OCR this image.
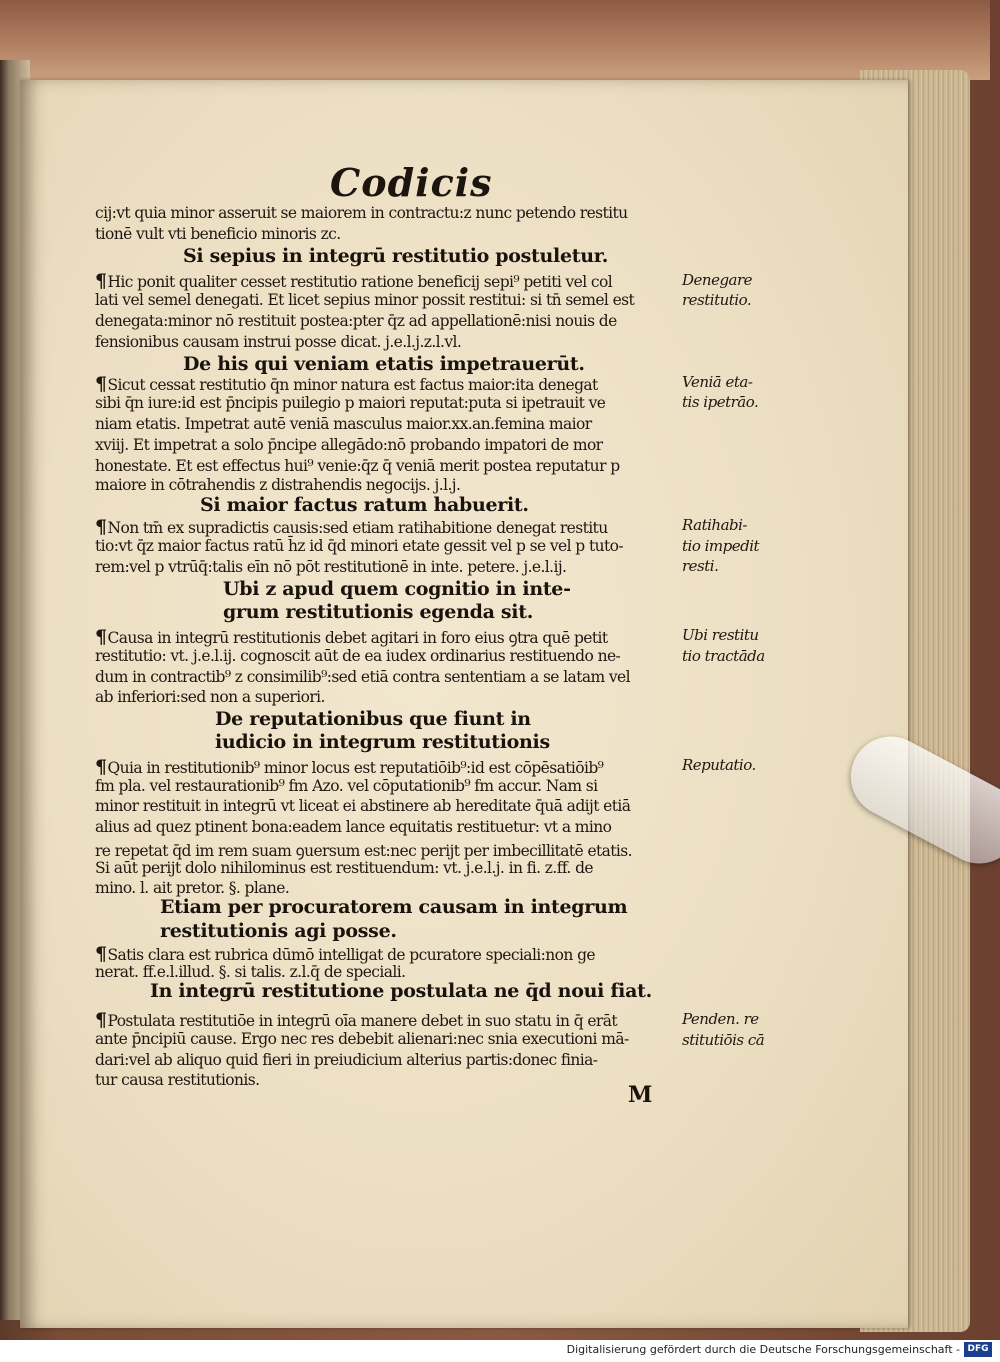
Codicis
cij:vt quia minor asseruit se maiorem in contractu:z nunc petendo restitu
tionē vult vti beneficio minoris zc.
Si sepius in integrū restitutio postuletur.
De his qui veniam etatis impetrauerūt.
Si maior factus ratum habuerit.
Ubi z apud quem cognitio in inte-
grum restitutionis egenda sit.
De reputationibus que fiunt in
iudicio in integrum restitutionis
Etiam per procuratorem causam in integrum
restitutionis agi posse.
In integrū restitutione postulata ne q̄d noui fiat.
¶Hic ponit qualiter cesset restitutio ratione beneficij sepi⁹ petiti vel col
lati vel semel denegati. Et licet sepius minor possit restitui: si tn̄ semel est
denegata:minor nō restituit postea:pter q̄z ad appellationē:nisi nouis de
fensionibus causam instrui posse dicat. j.e.l.j.z.l.vl.
¶Sicut cessat restitutio q̄n minor natura est factus maior:ita denegat
sibi q̄n iure:id est p̄ncipis puilegio p maiori reputat:puta si ipetrauit ve
niam etatis. Impetrat autē veniā masculus maior.xx.an.femina maior
xviij. Et impetrat a solo p̄ncipe allegādo:nō probando impatori de mor
honestate. Et est effectus hui⁹ venie:q̄z q̄ veniā merit postea reputatur p
maiore in cōtrahendis z distrahendis negocijs. j.l.j.
¶Non tm̄ ex supradictis causis:sed etiam ratihabitione denegat restitu
tio:vt q̄z maior factus ratū h̄z id q̄d minori etate gessit vel p se vel p tuto-
rem:vel p vtrūq̄:talis eīn nō pōt restitutionē in inte. petere. j.e.l.ij.
¶Causa in integrū restitutionis debet agitari in foro eius ꝯtra quē petit
restitutio: vt. j.e.l.ij. cognoscit aūt de ea iudex ordinarius restituendo ne-
dum in contractib⁹ z consimilib⁹:sed etiā contra sententiam a se latam vel
ab inferiori:sed non a superiori.
¶Quia in restitutionib⁹ minor locus est reputatiōib⁹:id est cōpēsatiōib⁹
fm pla. vel restaurationib⁹ fm Azo. vel cōputationib⁹ fm accur. Nam si
minor restituit in integrū vt liceat ei abstinere ab hereditate q̄uā adijt etiā
alius ad quez ptinent bona:eadem lance equitatis restituetur: vt a mino
re repetat q̄d im rem suam ꝯuersum est:nec perijt per imbecillitatē etatis.
Si aūt perijt dolo nihilominus est restituendum: vt. j.e.l.j. in fi. z.ff. de
mino. l. ait pretor. §. plane.
¶Satis clara est rubrica dūmō intelligat de pcuratore speciali:non ge
nerat. ff.e.l.illud. §. si talis. z.l.q̄ de speciali.
¶Postulata restitutiōe in integrū oīa manere debet in suo statu in q̄ erāt
ante p̄ncipiū cause. Ergo nec res debebit alienari:nec snia executioni mā-
dari:vel ab aliquo quid fieri in preiudicium alterius partis:donec finia-
tur causa restitutionis.
Denegare
restitutio.
Veniā eta-
tis ipetrāo.
Ratihabi-
tio impedit
resti.
Ubi restitu
tio tractāda
Reputatio.
Penden. re
stitutiōis cā
M
Digitalisierung gefördert durch die Deutsche Forschungsgemeinschaft - DFG
